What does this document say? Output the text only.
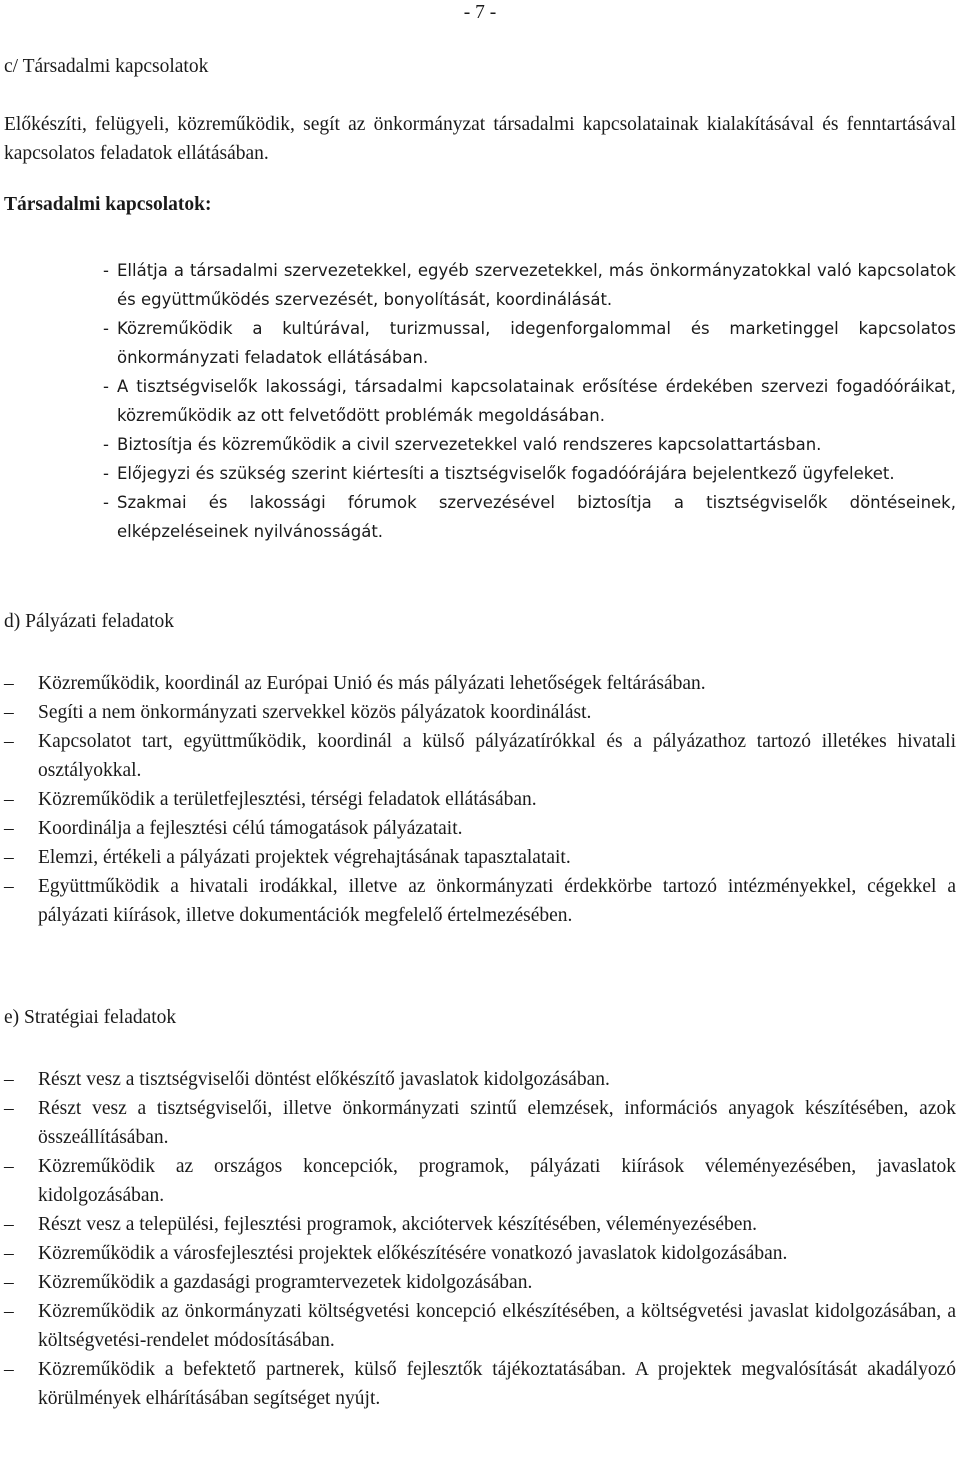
- 7 -

c/ Társadalmi kapcsolatok

Előkészíti, felügyeli, közreműködik, segít az önkormányzat társadalmi kapcsolatainak kialakításával és fenntartásával kapcsolatos feladatok ellátásában.

Társadalmi kapcsolatok:

- Ellátja a társadalmi szervezetekkel, egyéb szervezetekkel, más önkormányzatokkal való kapcsolatok és együttműködés szervezését, bonyolítását, koordinálását.
- Közreműködik a kultúrával, turizmussal, idegenforgalommal és marketinggel kapcsolatos önkormányzati feladatok ellátásában.
- A tisztségviselők lakossági, társadalmi kapcsolatainak erősítése érdekében szervezi fogadóóráikat, közreműködik az ott felvetődött problémák megoldásában.
- Biztosítja és közreműködik a civil szervezetekkel való rendszeres kapcsolattartásban.
- Előjegyzi és szükség szerint kiértesíti a tisztségviselők fogadóórájára bejelentkező ügyfeleket.
- Szakmai és lakossági fórumok szervezésével biztosítja a tisztségviselők döntéseinek, elképzeléseinek nyilvánosságát.

d) Pályázati feladatok

– Közreműködik, koordinál az Európai Unió és más pályázati lehetőségek feltárásában.
– Segíti a nem önkormányzati szervekkel közös pályázatok koordinálást.
– Kapcsolatot tart, együttműködik, koordinál a külső pályázatírókkal és a pályázathoz tartozó illetékes hivatali osztályokkal.
– Közreműködik a területfejlesztési, térségi feladatok ellátásában.
– Koordinálja a fejlesztési célú támogatások pályázatait.
– Elemzi, értékeli a pályázati projektek végrehajtásának tapasztalatait.
– Együttműködik a hivatali irodákkal, illetve az önkormányzati érdekkörbe tartozó intézményekkel, cégekkel a pályázati kiírások, illetve dokumentációk megfelelő értelmezésében.

e) Stratégiai feladatok

– Részt vesz a tisztségviselői döntést előkészítő javaslatok kidolgozásában.
– Részt vesz a tisztségviselői, illetve önkormányzati szintű elemzések, információs anyagok készítésében, azok összeállításában.
– Közreműködik az országos koncepciók, programok, pályázati kiírások véleményezésében, javaslatok kidolgozásában.
– Részt vesz a települési, fejlesztési programok, akciótervek készítésében, véleményezésében.
– Közreműködik a városfejlesztési projektek előkészítésére vonatkozó javaslatok kidolgozásában.
– Közreműködik a gazdasági programtervezetek kidolgozásában.
– Közreműködik az önkormányzati költségvetési koncepció elkészítésében, a költségvetési javaslat kidolgozásában, a költségvetési-rendelet módosításában.
– Közreműködik a befektető partnerek, külső fejlesztők tájékoztatásában. A projektek megvalósítását akadályozó körülmények elhárításában segítséget nyújt.
